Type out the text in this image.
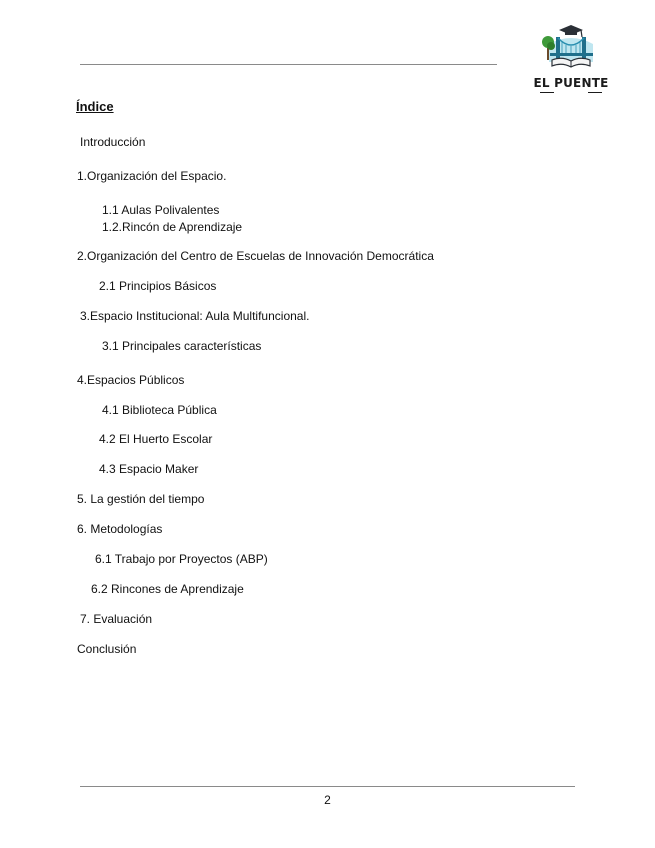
EL PUENTE
Índice
Introducción
1.Organización del Espacio.
1.1 Aulas Polivalentes
1.2.Rincón de Aprendizaje
2.Organización del Centro de Escuelas de Innovación Democrática
2.1 Principios Básicos
3.Espacio Institucional: Aula Multifuncional.
3.1 Principales características
4.Espacios Públicos
4.1 Biblioteca Pública
4.2 El Huerto Escolar
4.3 Espacio Maker
5. La gestión del tiempo
6. Metodologías
6.1 Trabajo por Proyectos (ABP)
6.2 Rincones de Aprendizaje
7. Evaluación
Conclusión
2
